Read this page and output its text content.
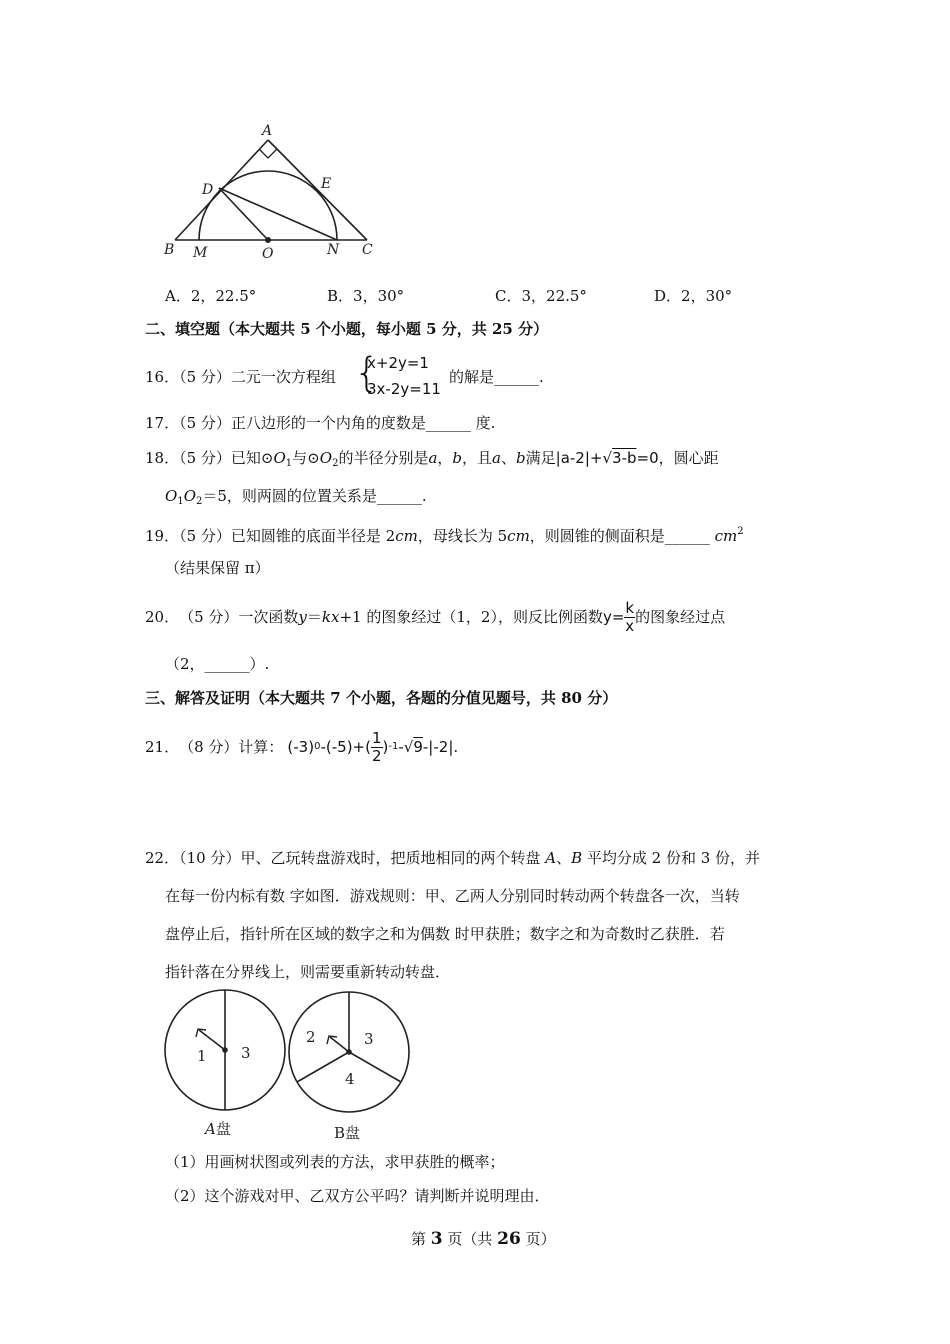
A
B	C
D	E
M	N
O
A．2，22.5°	B．3，30°	C．3，22.5°	D．2，30°
二、填空题（本大题共 5 个小题，每小题 5 分，共 25 分）
16．（5 分）二元一次方程组 {
x+2y=1
3x-2y=11
的解是______.
17．（5 分）正八边形的一个内角的度数是______ 度.
18．（5 分）已知$⊙O_1$与$⊙O_2$的半径分别是a，b，且a、b满足|a-2|+√3-b=0，圆心距
$O_1O_2=5$，则两圆的位置关系是______.
19．（5 分）已知圆锥的底面半径是 2cm，母线长为 5cm，则圆锥的侧面积是______ $cm^2$
（结果保留 π）
20． （5 分） 一次函数 y ＝ kx +1 的图象经过（1，2），则反比例函数 $y= \frac{k}{x}$ 的图象经过点
（2，______）.
三、解答及证明（本大题共 7 个小题，各题的分值见题号，共 80 分）
21． （8 分） 计算： (-3) 0 $-(-5)+( \frac{1}{2}$ ) -1 - √ 9 -|-2| .
22．（10 分）甲、乙玩转盘游戏时，把质地相同的两个转盘 A、B 平均分成 2 份和 3 份，并
在每一份内标有数 字如图．游戏规则：甲、乙两人分别同时转动两个转盘各一次，当转
盘停止后，指针所在区域的数字之和为偶数 时甲获胜；数字之和为奇数时乙获胜．若
指针落在分界线上，则需要重新转动转盘．
1 3
2	3
4
A盘	B盘
（1）用画树状图或列表的方法，求甲获胜的概率；
（2）这个游戏对甲、乙双方公平吗？请判断并说明理由．
第 3 页（共 26 页）
